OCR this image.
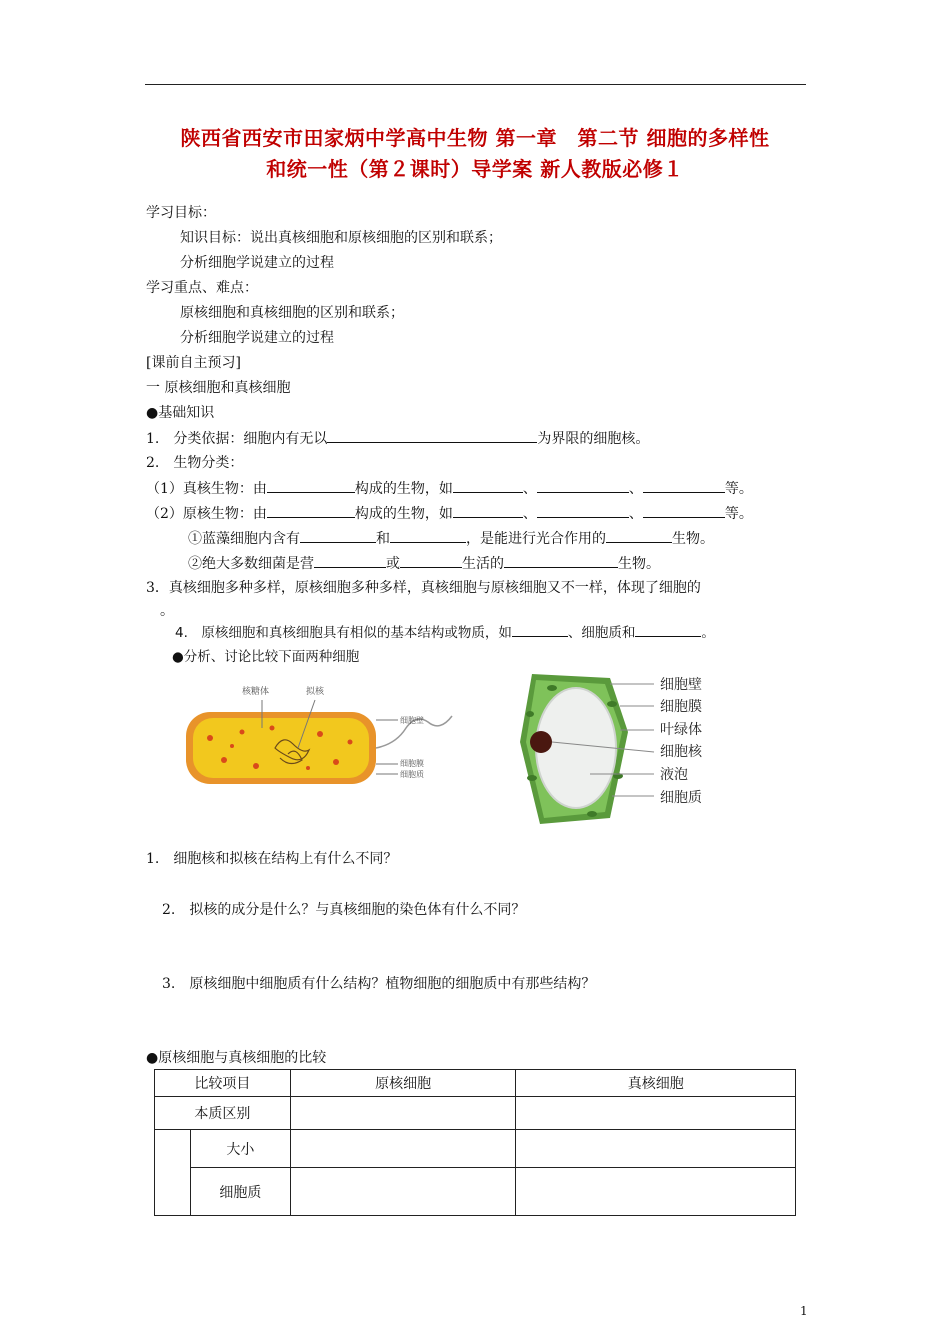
陕西省西安市田家炳中学高中生物 第一章　第二节 细胞的多样性
和统一性（第２课时）导学案 新人教版必修１
学习目标：
知识目标：说出真核细胞和原核细胞的区别和联系；
分析细胞学说建立的过程
学习重点、难点：
原核细胞和真核细胞的区别和联系；
分析细胞学说建立的过程
[课前自主预习]
一 原核细胞和真核细胞
●基础知识
1.　分类依据：细胞内有无以	为界限的细胞核。
2.　生物分类：
（1）真核生物：由	构成的生物，如	、	、	等。
（2）原核生物：由	构成的生物，如	、	、	等。
①蓝藻细胞内含有	和	，是能进行光合作用的	生物。
②绝大多数细菌是营	或	生活的	生物。
3．真核细胞多种多样，原核细胞多种多样，真核细胞与原核细胞又不一样，体现了细胞的
。
4.　原核细胞和真核细胞具有相似的基本结构或物质，如	、细胞质和	。
●分析、讨论比较下面两种细胞
核糖体	拟核
细胞壁
细胞膜
细胞质
细胞壁
细胞膜
叶绿体
细胞核
液泡
细胞质
1.　细胞核和拟核在结构上有什么不同？
2.　拟核的成分是什么？与真核细胞的染色体有什么不同？
3.　原核细胞中细胞质有什么结构？植物细胞的细胞质中有那些结构？
●原核细胞与真核细胞的比较
比较项目		原核细胞	真核细胞
本质区别			
	大小		
	细胞质		
1
